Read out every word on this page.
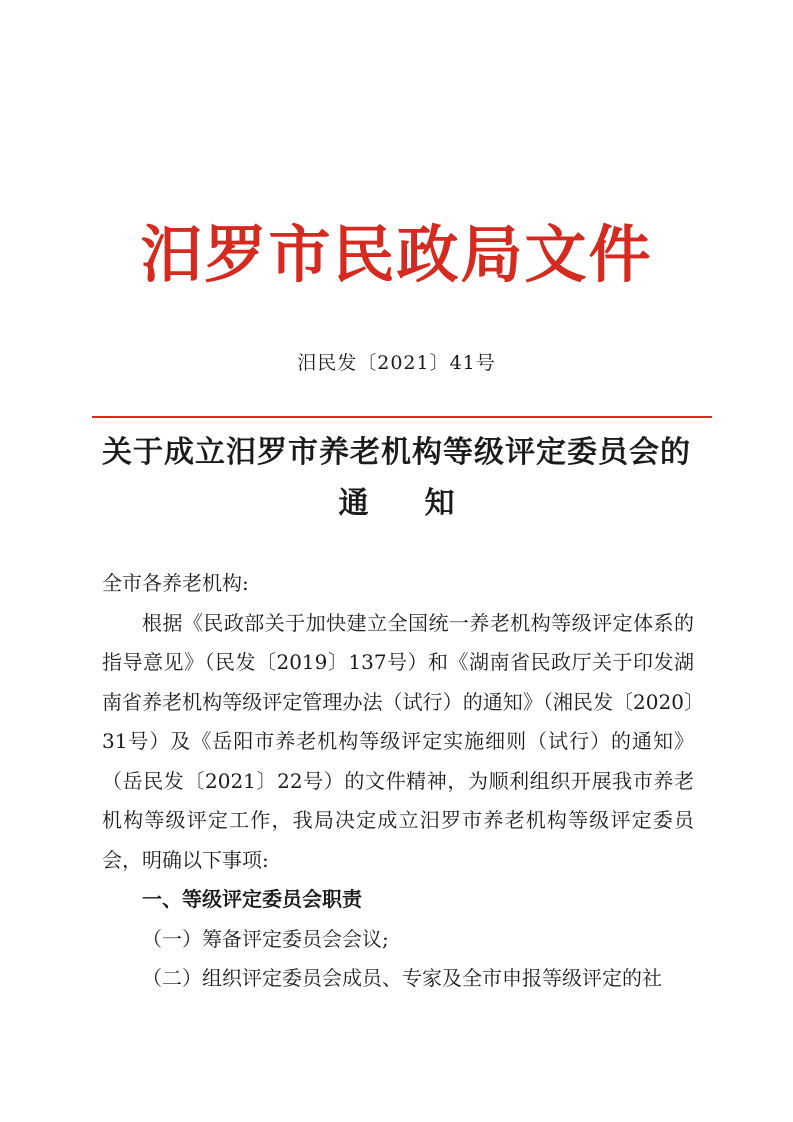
汨罗市民政局文件
汨民发〔2021〕41号
关于成立汨罗市养老机构等级评定委员会的
通 知

全市各养老机构:

根据《民政部关于加快建立全国统一养老机构等级评定体系的指导意见》（民发〔2019〕137号）和《湖南省民政厅关于印发湖南省养老机构等级评定管理办法（试行）的通知》（湘民发〔2020〕31号）及《岳阳市养老机构等级评定实施细则（试行）的通知》（岳民发〔2021〕22号）的文件精神，为顺利组织开展我市养老机构等级评定工作，我局决定成立汨罗市养老机构等级评定委员会，明确以下事项:

一、等级评定委员会职责

（一）筹备评定委员会会议;

（二）组织评定委员会成员、专家及全市申报等级评定的社
